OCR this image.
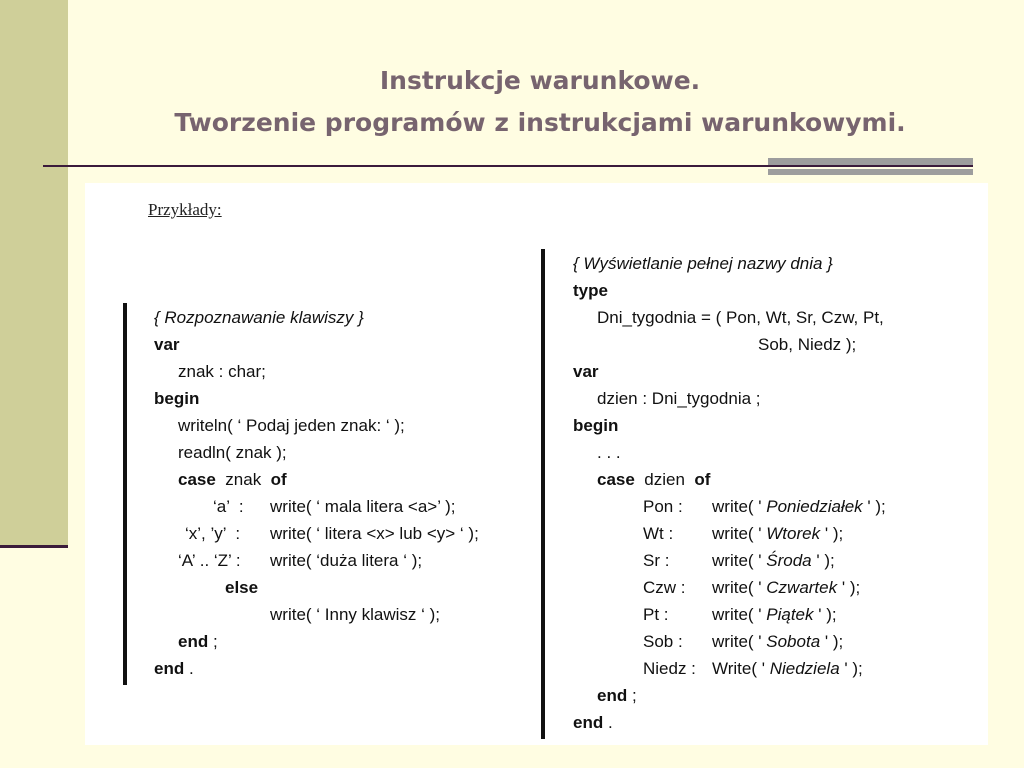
Instrukcje warunkowe.
Tworzenie programów z instrukcjami warunkowymi.
Przykłady:
{ Rozpoznawanie klawiszy }
var
znak : char;
begin
writeln( ‘ Podaj jeden znak: ‘ );
readln( znak );
case znak of
‘a’  : write( ‘ mala litera <a>’ );
‘x’, ’y’  : write( ‘ litera <x> lub <y> ‘ );
‘A’ .. ‘Z’ : write( ‘duża litera ‘ );
else
write( ‘ Inny klawisz ‘ );
end ;
end .
{ Wyświetlanie pełnej nazwy dnia }
type
Dni_tygodnia = ( Pon, Wt, Sr, Czw, Pt,
Sob, Niedz );
var
dzien : Dni_tygodnia ;
begin
. . .
case dzien of
Pon : write( ' Poniedziałek ' );
Wt : write( ' Wtorek ' );
Sr :	write( ' Środa ' );
Czw : write( ' Czwartek ' );
Pt :	write( ' Piątek ' );
Sob : write( ' Sobota ' );
Niedz : Write( ' Niedziela ' );
end ;
end .
